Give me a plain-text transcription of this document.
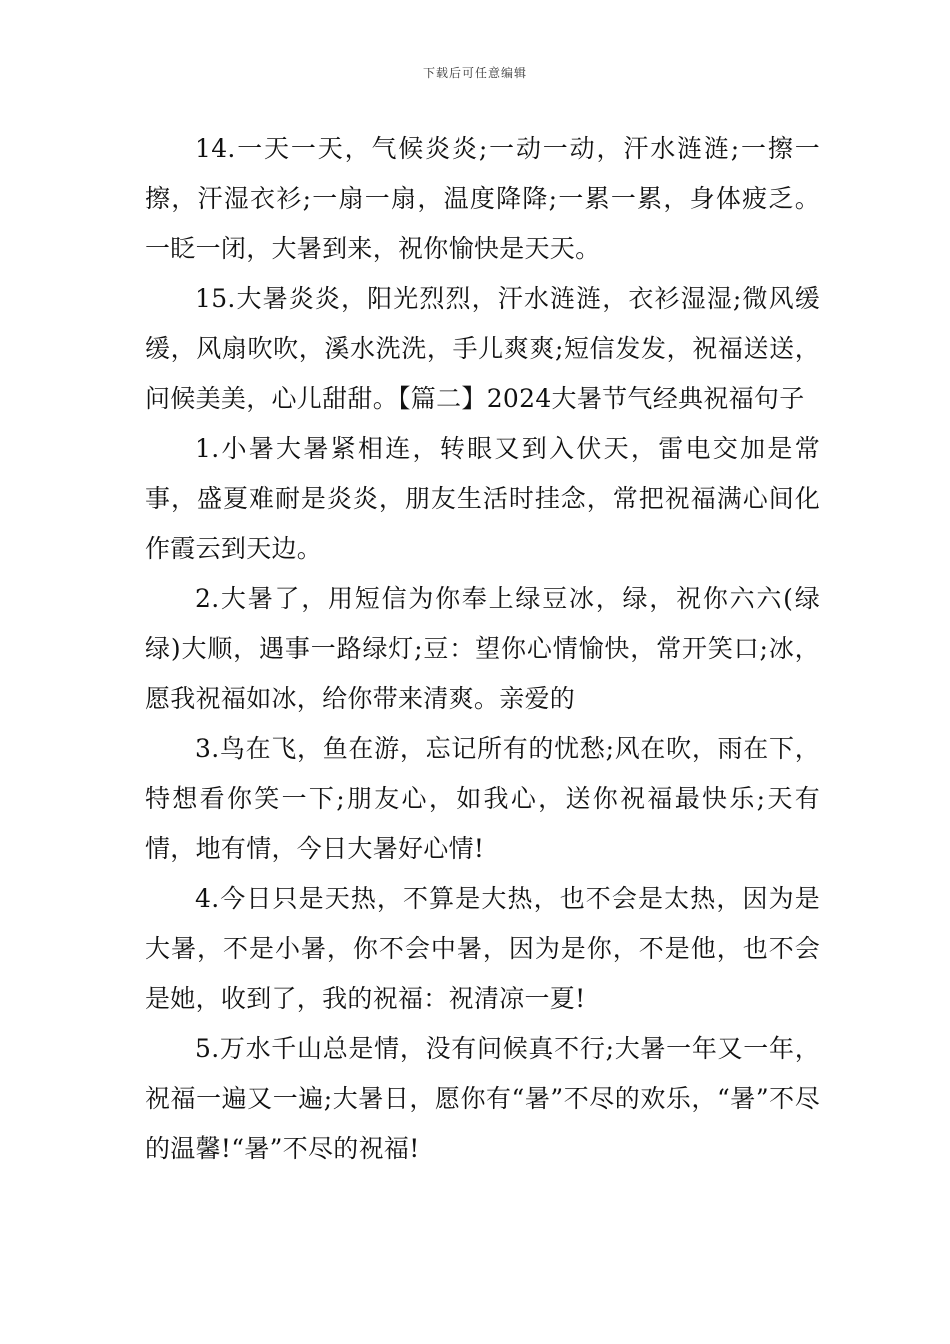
下载后可任意编辑

14.一天一天，气候炎炎;一动一动，汗水涟涟;一擦一擦，汗湿衣衫;一扇一扇，温度降降;一累一累，身体疲乏。一眨一闭，大暑到来，祝你愉快是天天。

15.大暑炎炎，阳光烈烈，汗水涟涟，衣衫湿湿;微风缓缓，风扇吹吹，溪水洗洗，手儿爽爽;短信发发，祝福送送，问候美美，心儿甜甜。【篇二】2024大暑节气经典祝福句子

1.小暑大暑紧相连，转眼又到入伏天，雷电交加是常事，盛夏难耐是炎炎，朋友生活时挂念，常把祝福满心间化作霞云到天边。

2.大暑了，用短信为你奉上绿豆冰，绿，祝你六六(绿绿)大顺，遇事一路绿灯;豆：望你心情愉快，常开笑口;冰，愿我祝福如冰，给你带来清爽。亲爱的

3.鸟在飞，鱼在游，忘记所有的忧愁;风在吹，雨在下，特想看你笑一下;朋友心，如我心，送你祝福最快乐;天有情，地有情，今日大暑好心情!

4.今日只是天热，不算是大热，也不会是太热，因为是大暑，不是小暑，你不会中暑，因为是你，不是他，也不会是她，收到了，我的祝福：祝清凉一夏!

5.万水千山总是情，没有问候真不行;大暑一年又一年，祝福一遍又一遍;大暑日，愿你有“暑”不尽的欢乐，“暑”不尽的温馨!“暑”不尽的祝福!
